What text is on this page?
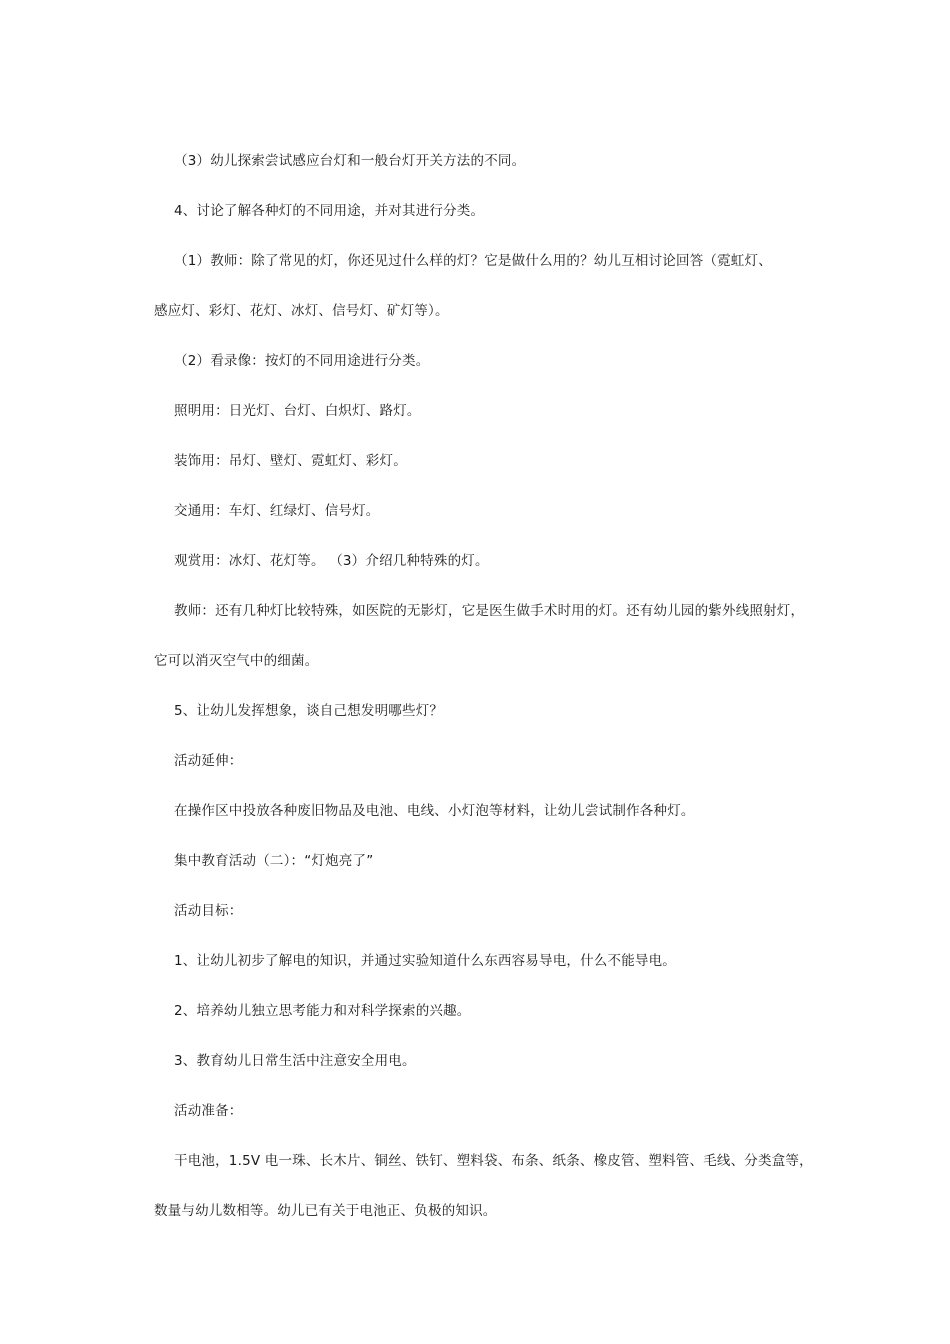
（3）幼儿探索尝试感应台灯和一般台灯开关方法的不同。
4、讨论了解各种灯的不同用途，并对其进行分类。
（1）教师：除了常见的灯，你还见过什么样的灯？它是做什么用的？幼儿互相讨论回答（霓虹灯、
感应灯、彩灯、花灯、冰灯、信号灯、矿灯等）。
（2）看录像：按灯的不同用途进行分类。
照明用：日光灯、台灯、白炽灯、路灯。
装饰用：吊灯、壁灯、霓虹灯、彩灯。
交通用：车灯、红绿灯、信号灯。
观赏用：冰灯、花灯等。 （3）介绍几种特殊的灯。
教师：还有几种灯比较特殊，如医院的无影灯，它是医生做手术时用的灯。还有幼儿园的紫外线照射灯，
它可以消灭空气中的细菌。
5、让幼儿发挥想象，谈自己想发明哪些灯？
活动延伸：
在操作区中投放各种废旧物品及电池、电线、小灯泡等材料，让幼儿尝试制作各种灯。
集中教育活动（二）：“灯炮亮了”
活动目标：
1、让幼儿初步了解电的知识，并通过实验知道什么东西容易导电，什么不能导电。
2、培养幼儿独立思考能力和对科学探索的兴趣。
3、教育幼儿日常生活中注意安全用电。
活动准备：
干电池，1.5V 电一珠、长木片、铜丝、铁钉、塑料袋、布条、纸条、橡皮管、塑料管、毛线、分类盒等，
数量与幼儿数相等。幼儿已有关于电池正、负极的知识。
